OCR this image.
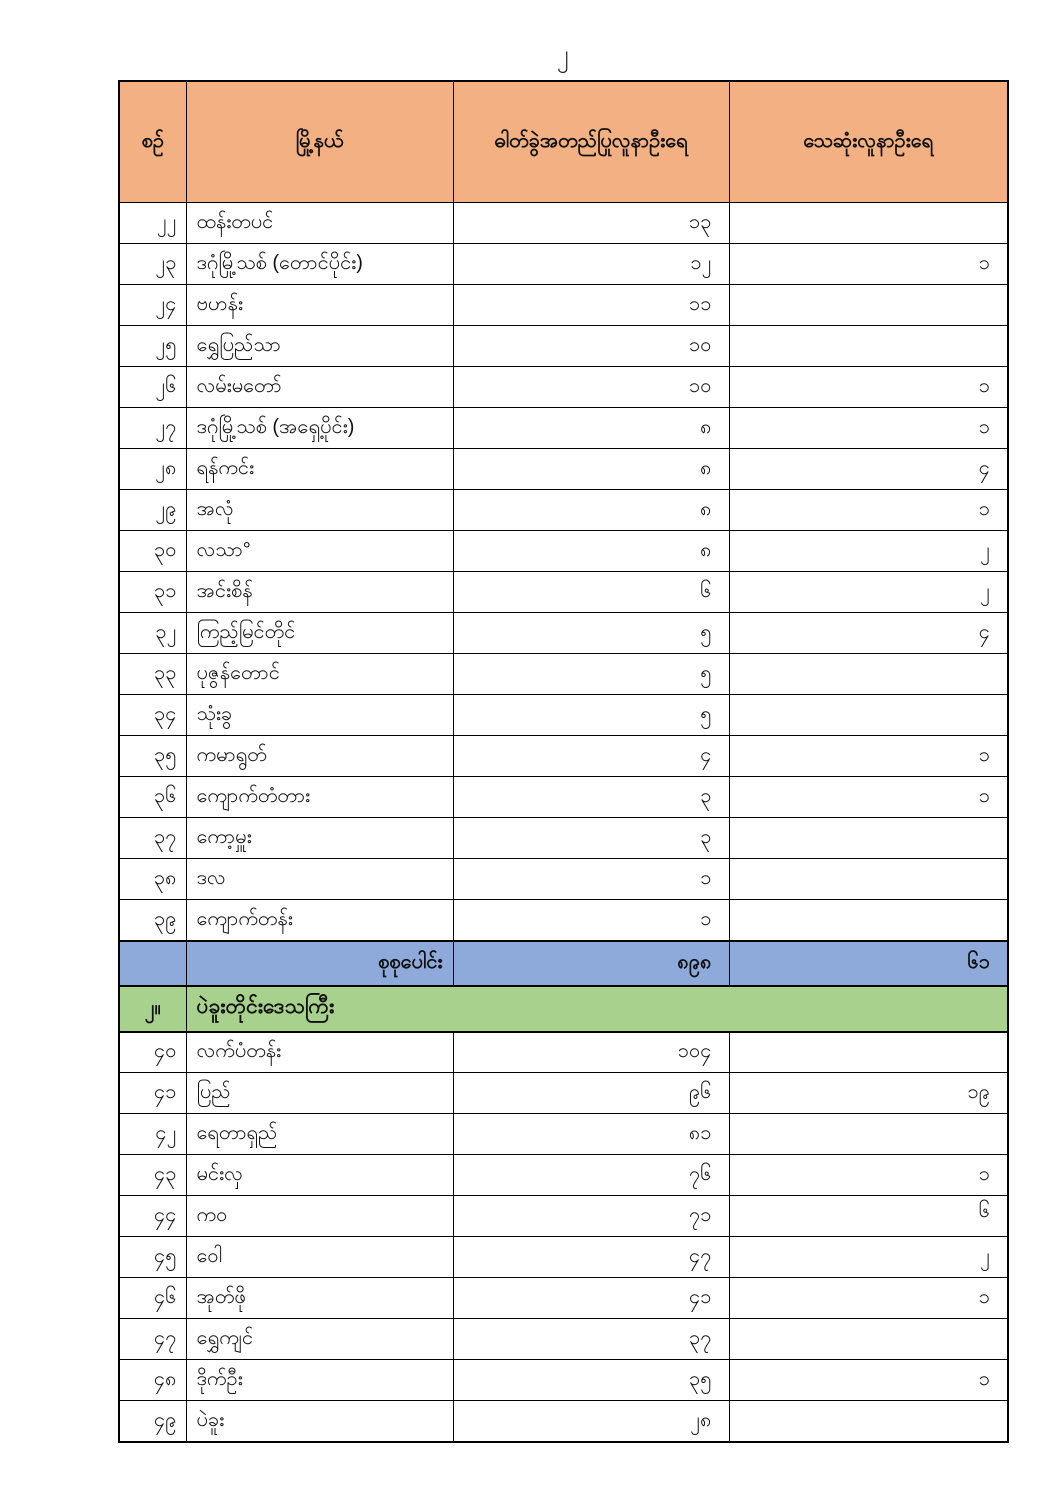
၂
စဉ်	မြို့နယ်	ဓါတ်ခွဲအတည်ပြုလူနာဦးရေ	သေဆုံးလူနာဦးရေ
၂၂	ထန်းတပင်	၁၃	
၂၃	ဒဂုံမြို့သစ် (တောင်ပိုင်း)	၁၂	၁
၂၄	ဗဟန်း	၁၁	
၂၅	ရွှေပြည်သာ	၁၀	
၂၆	လမ်းမတော်	၁၀	၁
၂၇	ဒဂုံမြို့သစ် (အရှေ့ပိုင်း)	၈	၁
၂၈	ရန်ကင်း	၈	၄
၂၉	အလုံ	၈	၁
၃၀	လသာ°	၈	၂
၃၁	အင်းစိန်	၆	၂
၃၂	ကြည့်မြင်တိုင်	၅	၄
၃၃	ပုဇွန်တောင်	၅	
၃၄	သုံးခွ	၅	
၃၅	ကမာရွတ်	၄	၁
၃၆	ကျောက်တံတား	၃	၁
၃၇	ကော့မှူး	၃	
၃၈	ဒလ	၁	
၃၉	ကျောက်တန်း	၁	
	စုစုပေါင်း	၈၉၈	၆၁
၂။	ပဲခူးတိုင်းဒေသကြီး		
၄၀	လက်ပံတန်း	၁၀၄	
၄၁	ပြည်	၉၆	၁၉
၄၂	ရေတာရှည်	၈၁	
၄၃	မင်းလှ	၇၆	၁
၄၄	ကဝ	၇၁	၆
၄၅	ဝေါ	၄၇	၂
၄၆	အုတ်ဖို	၄၁	၁
၄၇	ရွှေကျင်	၃၇	
၄၈	ဒိုက်ဦး	၃၅	၁
၄၉	ပဲခူး	၂၈	
